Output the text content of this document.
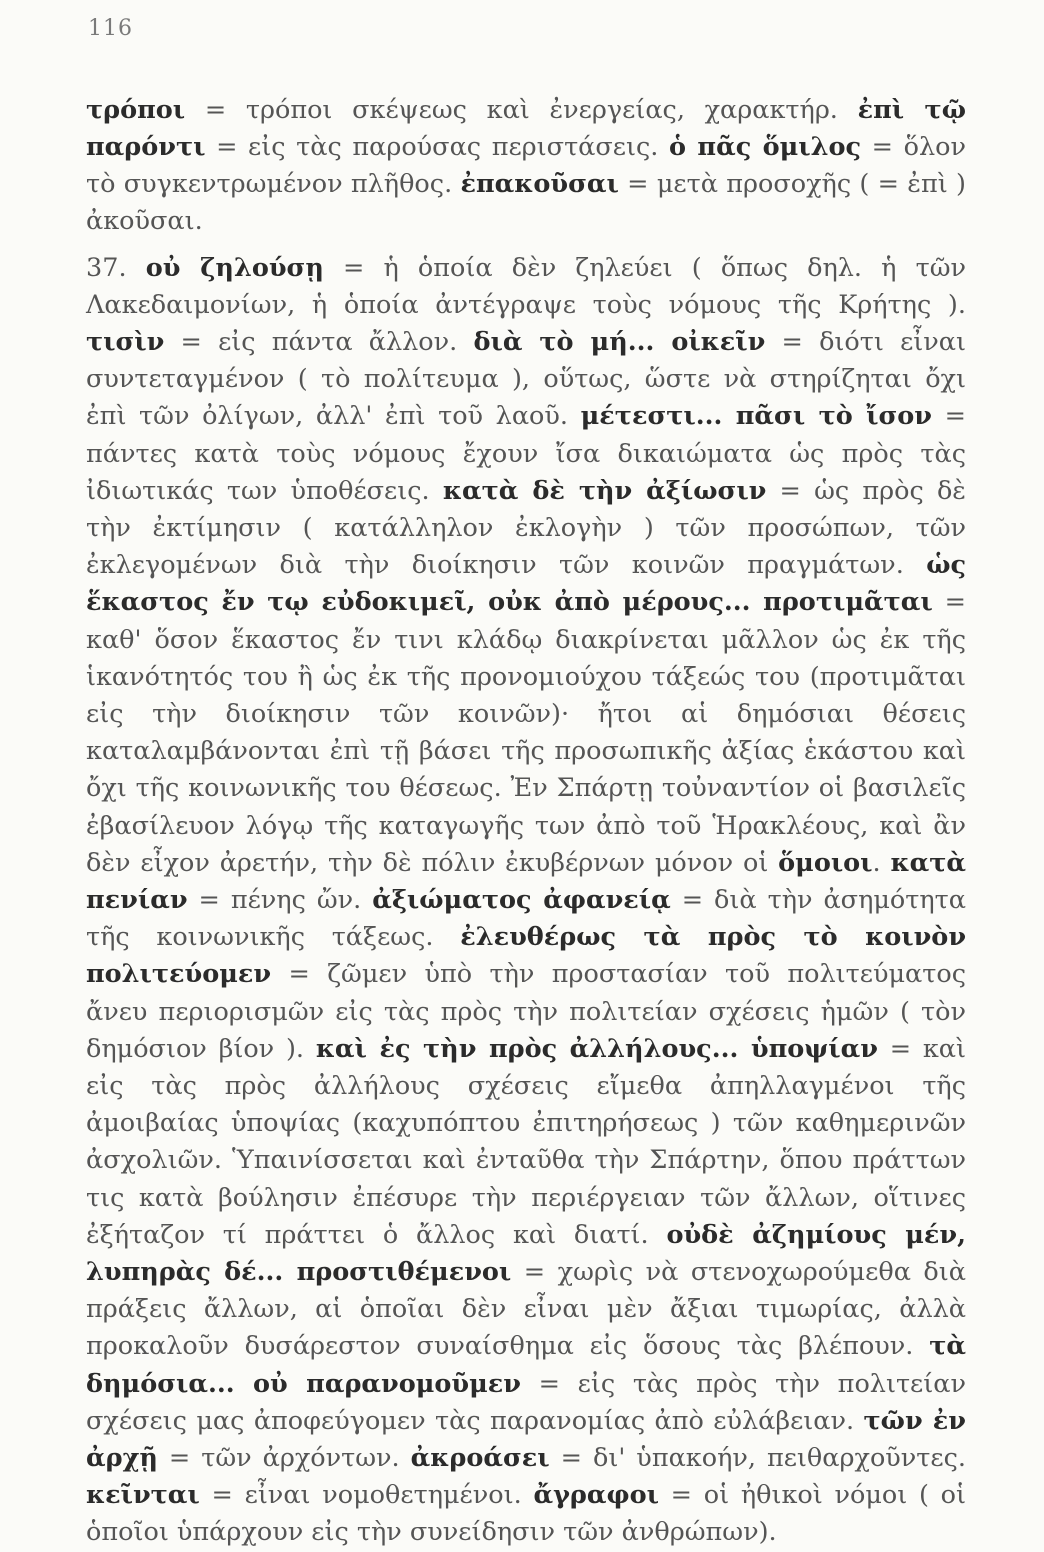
116

τρόποι = τρόποι σκέψεως καὶ ἐνεργείας, χαρακτήρ. ἐπὶ τῷ παρόντι = εἰς τὰς παρούσας περιστάσεις. ὁ πᾶς ὅμιλος = ὅλον τὸ συγκεντρωμένον πλῆθος. ἐπακοῦσαι = μετὰ προσοχῆς ( = ἐπὶ ) ἀκοῦσαι.

37. οὐ ζηλούσῃ = ἡ ὁποία δὲν ζηλεύει ( ὅπως δηλ. ἡ τῶν Λακεδαιμονίων, ἡ ὁποία ἀντέγραψε τοὺς νόμους τῆς Κρήτης ). τισὶν = εἰς πάντα ἄλλον. διὰ τὸ μή... οἰκεῖν = διότι εἶναι συντεταγμένον ( τὸ πολίτευμα ), οὕτως, ὥστε νὰ στηρίζηται ὄχι ἐπὶ τῶν ὀλίγων, ἀλλ' ἐπὶ τοῦ λαοῦ. μέτεστι... πᾶσι τὸ ἴσον = πάντες κατὰ τοὺς νόμους ἔχουν ἴσα δικαιώματα ὡς πρὸς τὰς ἰδιωτικάς των ὑποθέσεις. κατὰ δὲ τὴν ἀξίωσιν = ὡς πρὸς δὲ τὴν ἐκτίμησιν ( κατάλληλον ἐκλογὴν ) τῶν προσώπων, τῶν ἐκλεγομένων διὰ τὴν διοίκησιν τῶν κοινῶν πραγμάτων. ὡς ἕκαστος ἔν τῳ εὐδοκιμεῖ, οὐκ ἀπὸ μέρους... προτιμᾶται = καθ' ὅσον ἕκαστος ἔν τινι κλάδῳ διακρίνεται μᾶλλον ὡς ἐκ τῆς ἱκανότητός του ἢ ὡς ἐκ τῆς προνομιούχου τάξεώς του (προτιμᾶται εἰς τὴν διοίκησιν τῶν κοινῶν)· ἤτοι αἱ δημόσιαι θέσεις καταλαμβάνονται ἐπὶ τῇ βάσει τῆς προσωπικῆς ἀξίας ἑκάστου καὶ ὄχι τῆς κοινωνικῆς του θέσεως. Ἐν Σπάρτῃ τοὐναντίον οἱ βασιλεῖς ἐβασίλευον λόγῳ τῆς καταγωγῆς των ἀπὸ τοῦ Ἡρακλέους, καὶ ἂν δὲν εἶχον ἀρετήν, τὴν δὲ πόλιν ἐκυβέρνων μόνον οἱ ὅμοιοι. κατὰ πενίαν = πένης ὤν. ἀξιώματος ἀφανείᾳ = διὰ τὴν ἀσημότητα τῆς κοινωνικῆς τάξεως. ἐλευθέρως τὰ πρὸς τὸ κοινὸν πολιτεύομεν = ζῶμεν ὑπὸ τὴν προστασίαν τοῦ πολιτεύματος ἄνευ περιορισμῶν εἰς τὰς πρὸς τὴν πολιτείαν σχέσεις ἡμῶν ( τὸν δημόσιον βίον ). καὶ ἐς τὴν πρὸς ἀλλήλους... ὑποψίαν = καὶ εἰς τὰς πρὸς ἀλλήλους σχέσεις εἴμεθα ἀπηλλαγμένοι τῆς ἀμοιβαίας ὑποψίας (καχυπόπτου ἐπιτηρήσεως ) τῶν καθημερινῶν ἀσχολιῶν. Ὑπαινίσσεται καὶ ἐνταῦθα τὴν Σπάρτην, ὅπου πράττων τις κατὰ βούλησιν ἐπέσυρε τὴν περιέργειαν τῶν ἄλλων, οἵτινες ἐξήταζον τί πράττει ὁ ἄλλος καὶ διατί. οὐδὲ ἀζημίους μέν, λυπηρὰς δέ... προστιθέμενοι = χωρὶς νὰ στενοχωρούμεθα διὰ πράξεις ἄλλων, αἱ ὁποῖαι δὲν εἶναι μὲν ἄξιαι τιμωρίας, ἀλλὰ προκαλοῦν δυσάρεστον συναίσθημα εἰς ὅσους τὰς βλέπουν. τὰ δημόσια... οὐ παρανομοῦμεν = εἰς τὰς πρὸς τὴν πολιτείαν σχέσεις μας ἀποφεύγομεν τὰς παρανομίας ἀπὸ εὐλάβειαν. τῶν ἐν ἀρχῇ = τῶν ἀρχόντων. ἀκροάσει = δι' ὑπακοήν, πειθαρχοῦντες. κεῖνται = εἶναι νομοθετημένοι. ἄγραφοι = οἱ ἠθικοὶ νόμοι ( οἱ ὁποῖοι ὑπάρχουν εἰς τὴν συνείδησιν τῶν ἀνθρώπων).
